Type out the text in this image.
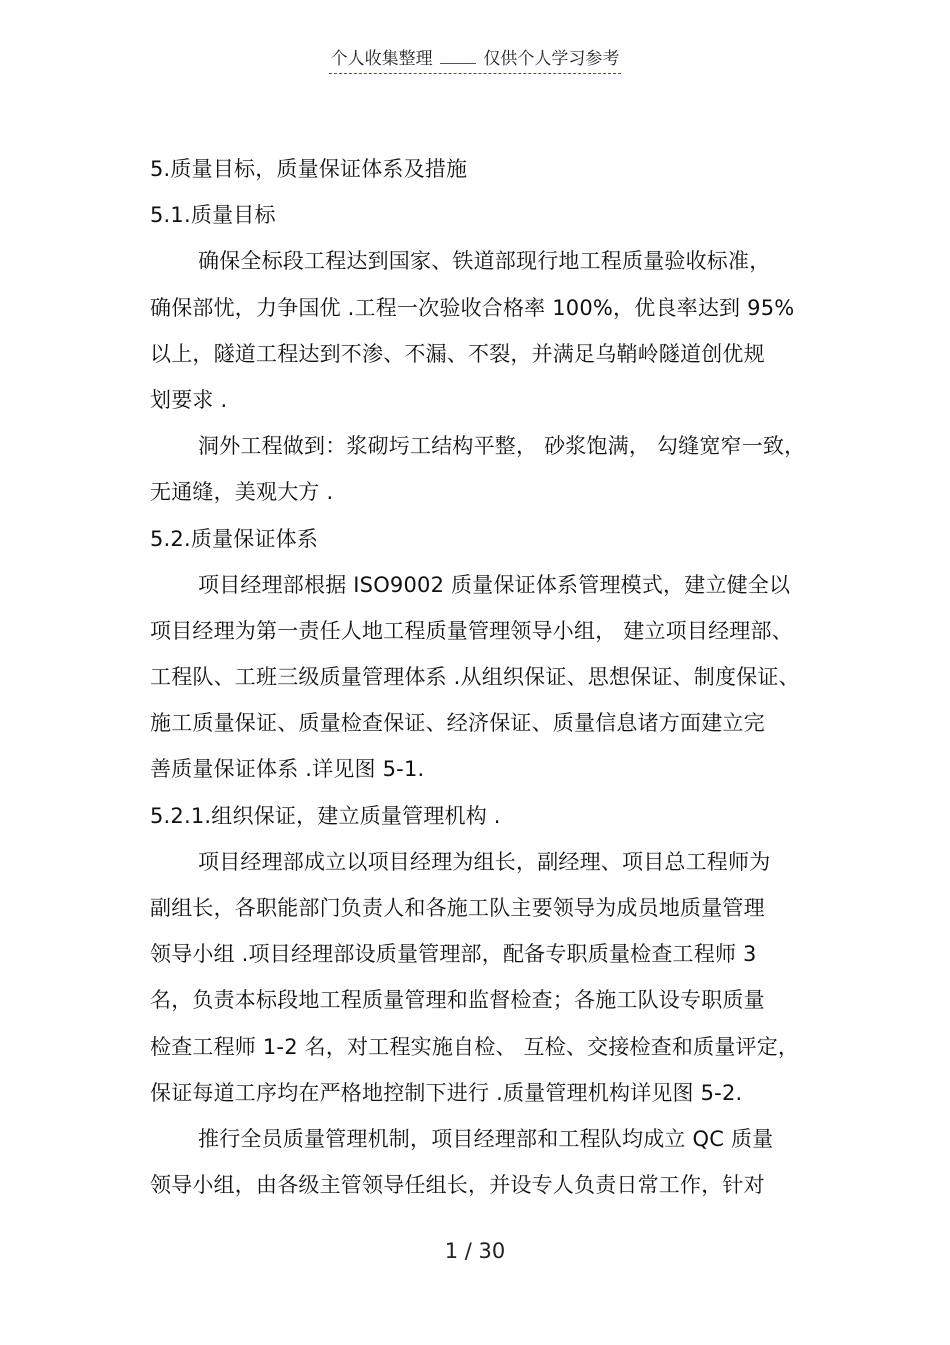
个人收集整理	仅供个人学习参考
5.质量目标，质量保证体系及措施
5.1.质量目标
确保全标段工程达到国家、铁道部现行地工程质量验收标准，
确保部忧，力争国优 .工程一次验收合格率 100%，优良率达到 95%
以上，隧道工程达到不渗、不漏、不裂，并满足乌鞘岭隧道创优规
划要求 .
洞外工程做到：浆砌圬工结构平整， 砂浆饱满， 勾缝宽窄一致，
无通缝，美观大方 .
5.2.质量保证体系
项目经理部根据 ISO9002 质量保证体系管理模式，建立健全以
项目经理为第一责任人地工程质量管理领导小组， 建立项目经理部、
工程队、工班三级质量管理体系 .从组织保证、思想保证、制度保证、
施工质量保证、质量检查保证、经济保证、质量信息诸方面建立完
善质量保证体系 .详见图 5-1.
5.2.1.组织保证，建立质量管理机构 .
项目经理部成立以项目经理为组长，副经理、项目总工程师为
副组长，各职能部门负责人和各施工队主要领导为成员地质量管理
领导小组 .项目经理部设质量管理部，配备专职质量检查工程师 3
名，负责本标段地工程质量管理和监督检查；各施工队设专职质量
检查工程师 1-2 名，对工程实施自检、 互检、交接检查和质量评定，
保证每道工序均在严格地控制下进行 .质量管理机构详见图 5-2.
推行全员质量管理机制，项目经理部和工程队均成立 QC 质量
领导小组，由各级主管领导任组长，并设专人负责日常工作，针对
1 / 30
